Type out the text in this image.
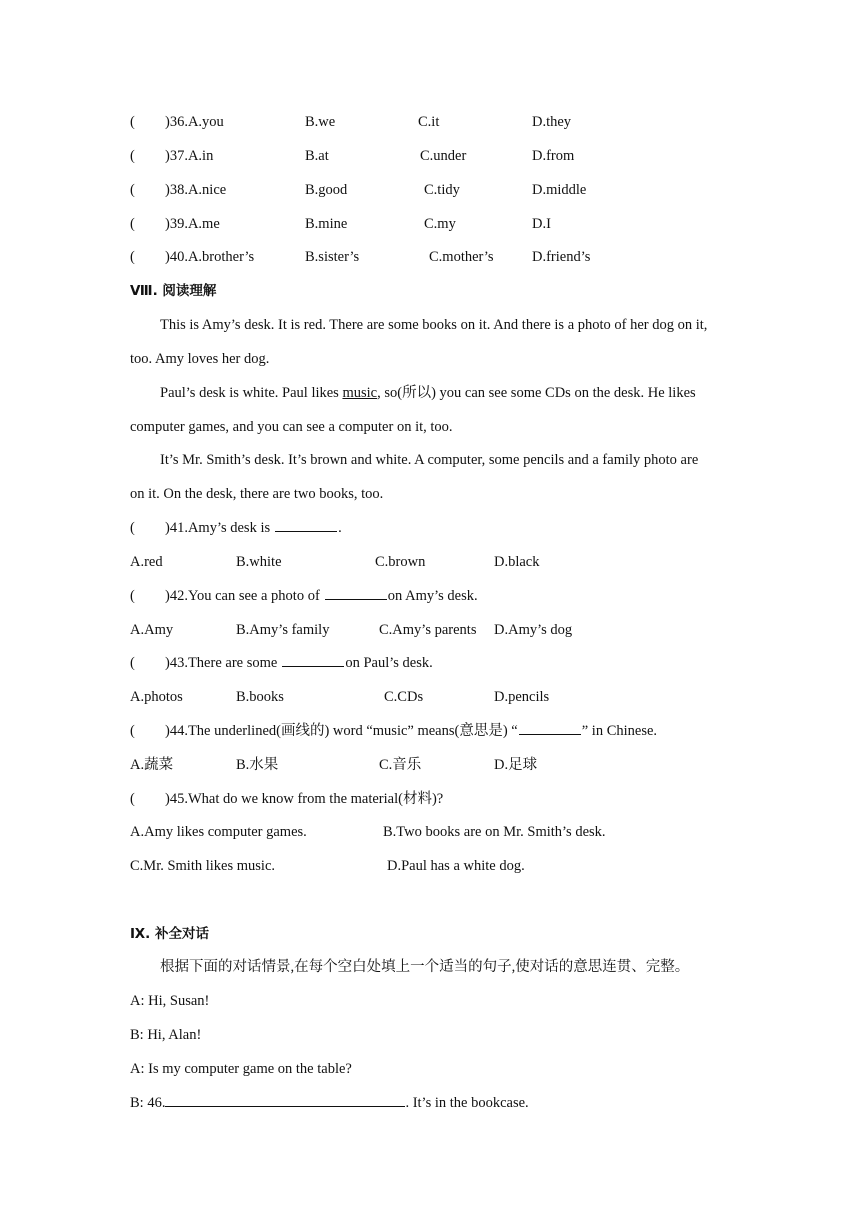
( )36.A.you	B.we	C.it	D.they
( )37.A.in	B.at	C.under	D.from
( )38.A.nice	B.good	C.tidy	D.middle
( )39.A.me	B.mine	C.my	D.I
( )40.A.brother’s	B.sister’s	C.mother’s	D.friend’s
Ⅷ. 阅读理解
This is Amy’s desk. It is red. There are some books on it. And there is a photo of her dog on it,
too. Amy loves her dog.
Paul’s desk is white. Paul likes music, so(所以) you can see some CDs on the desk. He likes
computer games, and you can see a computer on it, too.
It’s Mr. Smith’s desk. It’s brown and white. A computer, some pencils and a family photo are
on it. On the desk, there are two books, too.
( )41.Amy’s desk is	.
A.red	B.white	C.brown	D.black
( )42.You can see a photo of	on Amy’s desk.
A.Amy	B.Amy’s family	C.Amy’s parents D.Amy’s dog
( )43.There are some	on Paul’s desk.
A.photos	B.books	C.CDs	D.pencils
( )44.The underlined(画线的) word “music” means(意思是) “	” in Chinese.
A.蔬菜	B.水果	C.音乐	D.足球
( )45.What do we know from the material(材料)?
A.Amy likes computer games.	B.Two books are on Mr. Smith’s desk.
C.Mr. Smith likes music.	D.Paul has a white dog.
Ⅸ. 补全对话
根据下面的对话情景,在每个空白处填上一个适当的句子,使对话的意思连贯、完整。
A: Hi, Susan!
B: Hi, Alan!
A: Is my computer game on the table?
B: 46.	. It’s in the bookcase.
